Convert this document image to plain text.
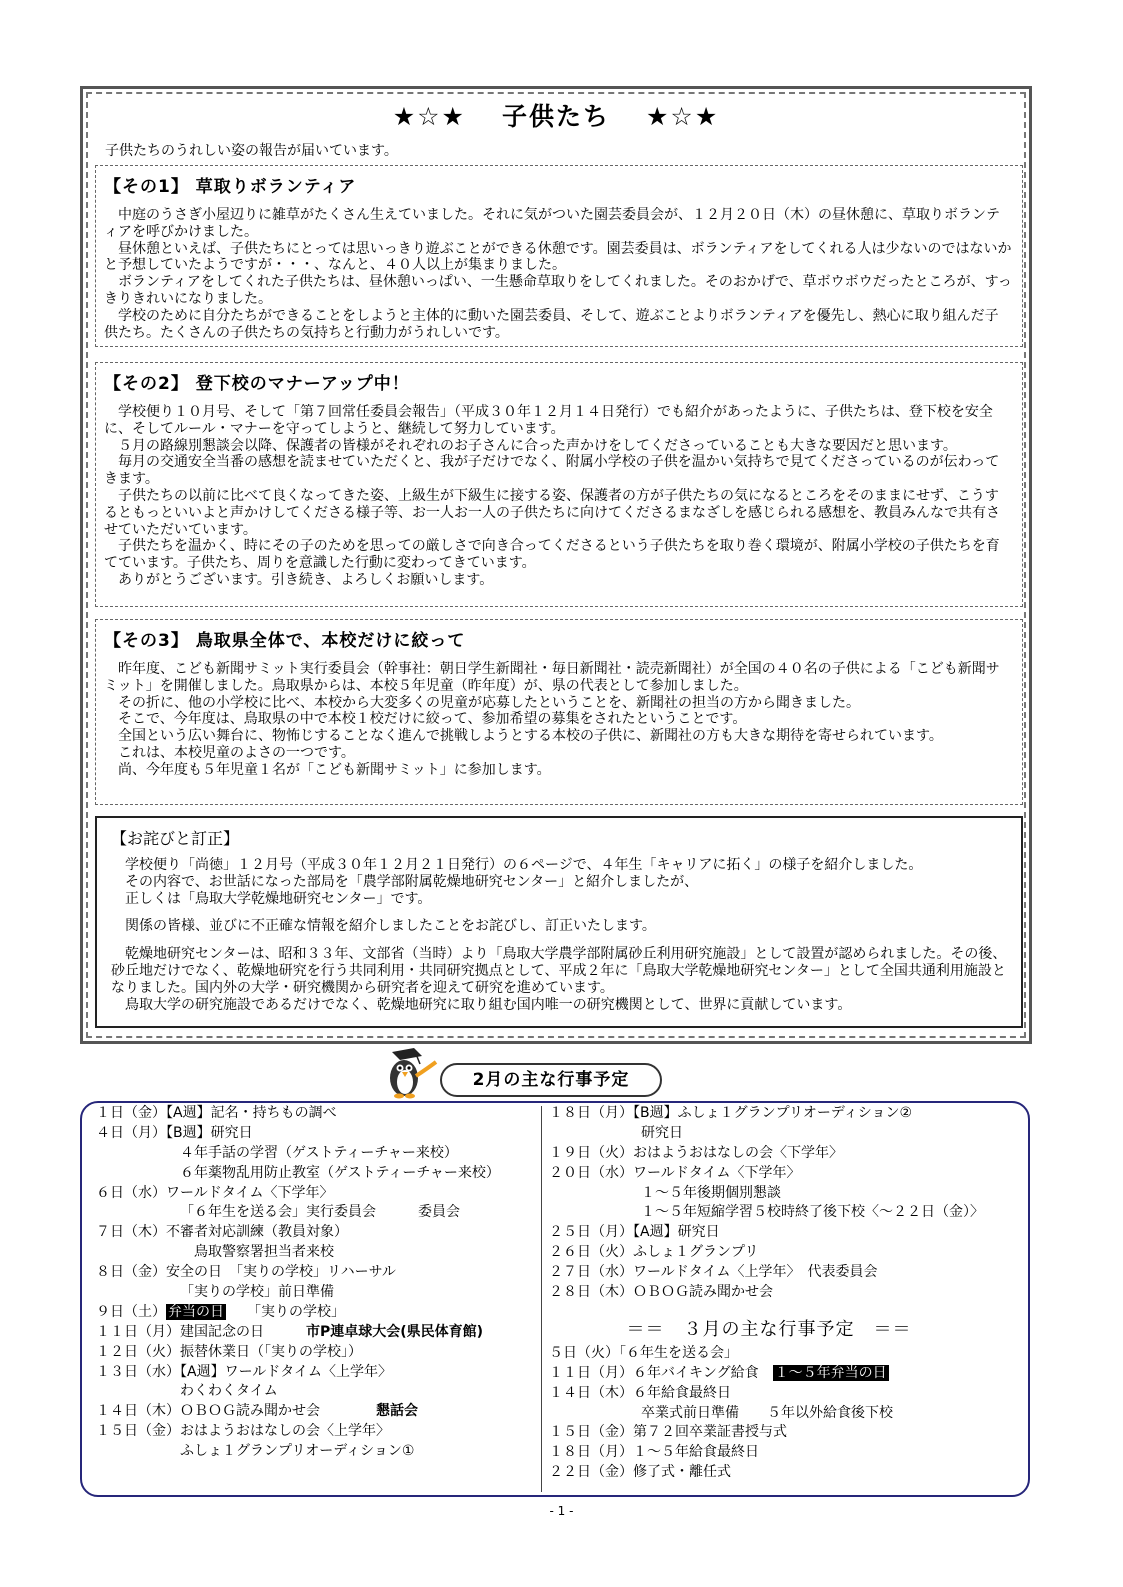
★☆★ 子供たち ★☆★
子供たちのうれしい姿の報告が届いています。
【その1】 草取りボランティア

中庭のうさぎ小屋辺りに雑草がたくさん生えていました。それに気がついた園芸委員会が、１２月２０日（木）の昼休憩に、草取りボランティアを呼びかけました。

昼休憩といえば、子供たちにとっては思いっきり遊ぶことができる休憩です。園芸委員は、ボランティアをしてくれる人は少ないのではないかと予想していたようですが・・・、なんと、４０人以上が集まりました。

ボランティアをしてくれた子供たちは、昼休憩いっぱい、一生懸命草取りをしてくれました。そのおかげで、草ボウボウだったところが、すっきりきれいになりました。

学校のために自分たちができることをしようと主体的に動いた園芸委員、そして、遊ぶことよりボランティアを優先し、熱心に取り組んだ子供たち。たくさんの子供たちの気持ちと行動力がうれしいです。

【その2】 登下校のマナーアップ中！

学校便り１０月号、そして「第７回常任委員会報告」（平成３０年１２月１４日発行）でも紹介があったように、子供たちは、登下校を安全に、そしてルール・マナーを守ってしようと、継続して努力しています。

５月の路線別懇談会以降、保護者の皆様がそれぞれのお子さんに合った声かけをしてくださっていることも大きな要因だと思います。

毎月の交通安全当番の感想を読ませていただくと、我が子だけでなく、附属小学校の子供を温かい気持ちで見てくださっているのが伝わってきます。

子供たちの以前に比べて良くなってきた姿、上級生が下級生に接する姿、保護者の方が子供たちの気になるところをそのままにせず、こうするともっといいよと声かけしてくださる様子等、お一人お一人の子供たちに向けてくださるまなざしを感じられる感想を、教員みんなで共有させていただいています。

子供たちを温かく、時にその子のためを思っての厳しさで向き合ってくださるという子供たちを取り巻く環境が、附属小学校の子供たちを育てています。子供たち、周りを意識した行動に変わってきています。

ありがとうございます。引き続き、よろしくお願いします。

【その3】 鳥取県全体で、本校だけに絞って

昨年度、こども新聞サミット実行委員会（幹事社：朝日学生新聞社・毎日新聞社・読売新聞社）が全国の４０名の子供による「こども新聞サミット」を開催しました。鳥取県からは、本校５年児童（昨年度）が、県の代表として参加しました。

その折に、他の小学校に比べ、本校から大変多くの児童が応募したということを、新聞社の担当の方から聞きました。

そこで、今年度は、鳥取県の中で本校１校だけに絞って、参加希望の募集をされたということです。

全国という広い舞台に、物怖じすることなく進んで挑戦しようとする本校の子供に、新聞社の方も大きな期待を寄せられています。

これは、本校児童のよさの一つです。

尚、今年度も５年児童１名が「こども新聞サミット」に参加します。

【お詫びと訂正】

学校便り「尚徳」１２月号（平成３０年１２月２１日発行）の６ページで、４年生「キャリアに拓く」の様子を紹介しました。

その内容で、お世話になった部局を「農学部附属乾燥地研究センター」と紹介しましたが、

正しくは「鳥取大学乾燥地研究センター」です。

関係の皆様、並びに不正確な情報を紹介しましたことをお詫びし、訂正いたします。

乾燥地研究センターは、昭和３３年、文部省（当時）より「鳥取大学農学部附属砂丘利用研究施設」として設置が認められました。その後、砂丘地だけでなく、乾燥地研究を行う共同利用・共同研究拠点として、平成２年に「鳥取大学乾燥地研究センター」として全国共通利用施設となりました。国内外の大学・研究機関から研究者を迎えて研究を進めています。

鳥取大学の研究施設であるだけでなく、乾燥地研究に取り組む国内唯一の研究機関として、世界に貢献しています。

2月の主な行事予定
１日（金）【A週】記名・持ちもの調べ
４日（月）【B週】研究日
４年手話の学習（ゲストティーチャー来校）
６年薬物乱用防止教室（ゲストティーチャー来校）
６日（水）ワールドタイム〈下学年〉
「６年生を送る会」実行委員会　　　委員会
７日（木）不審者対応訓練（教員対象）
鳥取警察署担当者来校
８日（金）安全の日　「実りの学校」リハーサル
「実りの学校」前日準備
９日（土） 弁当の日　　「実りの学校」
１１日（月）建国記念の日　　　市P連卓球大会(県民体育館)
１２日（火）振替休業日（「実りの学校」）
１３日（水）【A週】ワールドタイム〈上学年〉
わくわくタイム
１４日（木）ＯＢＯＧ読み聞かせ会　　　　懇話会
１５日（金）おはようおはなしの会〈上学年〉
ふしょ１グランプリオーディション①
１８日（月）【B週】ふしょ１グランプリオーディション②
研究日
１９日（火）おはようおはなしの会〈下学年〉
２０日（水）ワールドタイム〈下学年〉
１～５年後期個別懇談
１～５年短縮学習５校時終了後下校〈～２２日（金）〉
２５日（月）【A週】研究日
２６日（火）ふしょ１グランプリ
２７日（水）ワールドタイム〈上学年〉　代表委員会
２８日（木）ＯＢＯＧ読み聞かせ会
＝＝　３月の主な行事予定　＝＝
５日（火）「６年生を送る会」
１１日（月）６年バイキング給食　１～５年弁当の日
１４日（木）６年給食最終日
卒業式前日準備　　５年以外給食後下校
１５日（金）第７２回卒業証書授与式
１８日（月）１～５年給食最終日
２２日（金）修了式・離任式
- 1 -
